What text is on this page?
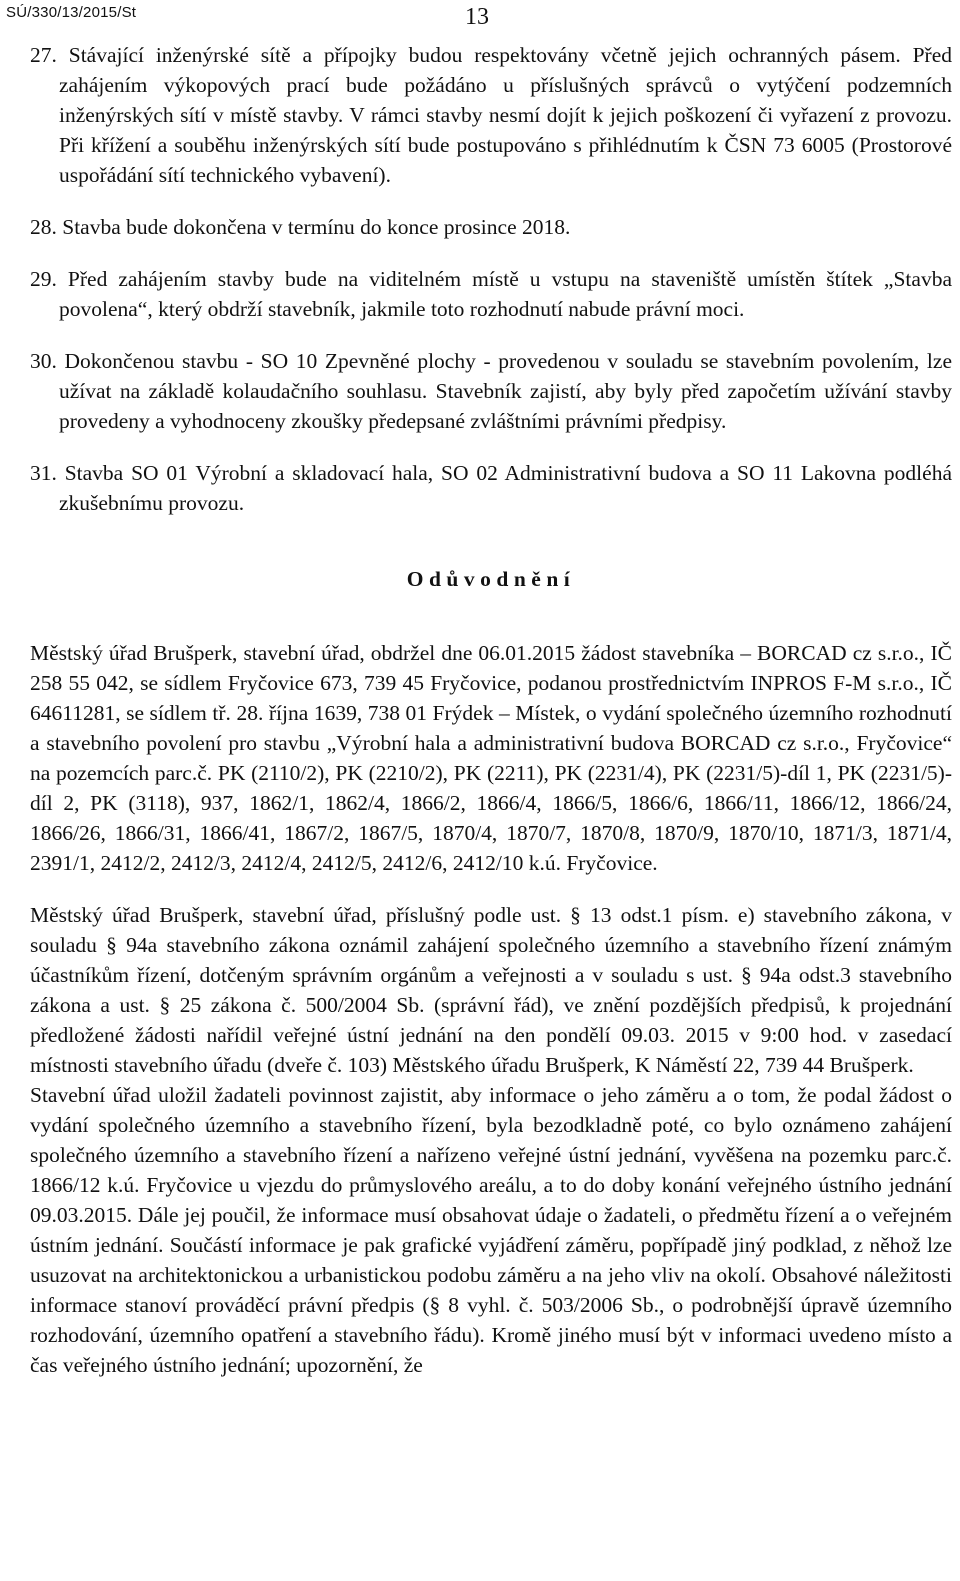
SÚ/330/13/2015/St	13

27. Stávající inženýrské sítě a přípojky budou respektovány včetně jejich ochranných pásem. Před zahájením výkopových prací bude požádáno u příslušných správců o vytýčení podzemních inženýrských sítí v místě stavby. V rámci stavby nesmí dojít k jejich poškození či vyřazení z provozu. Při křížení a souběhu inženýrských sítí bude postupováno s přihlédnutím k ČSN 73 6005 (Prostorové uspořádání sítí technického vybavení).

28. Stavba bude dokončena v termínu do konce prosince 2018.

29. Před zahájením stavby bude na viditelném místě u vstupu na staveniště umístěn štítek „Stavba povolena“, který obdrží stavebník, jakmile toto rozhodnutí nabude právní moci.

30. Dokončenou stavbu - SO 10 Zpevněné plochy - provedenou v souladu se stavebním povolením, lze užívat na základě kolaudačního souhlasu. Stavebník zajistí, aby byly před započetím užívání stavby provedeny a vyhodnoceny zkoušky předepsané zvláštními právními předpisy.

31. Stavba SO 01 Výrobní a skladovací hala, SO 02 Administrativní budova a SO 11 Lakovna podléhá zkušebnímu provozu.

Odůvodnění

Městský úřad Brušperk, stavební úřad, obdržel dne 06.01.2015 žádost stavebníka – BORCAD cz s.r.o., IČ 258 55 042, se sídlem Fryčovice 673, 739 45 Fryčovice, podanou prostřednictvím INPROS F-M s.r.o., IČ 64611281, se sídlem tř. 28. října 1639, 738 01 Frýdek – Místek, o vydání společného územního rozhodnutí a stavebního povolení pro stavbu „Výrobní hala a administrativní budova BORCAD cz s.r.o., Fryčovice“ na pozemcích parc.č. PK (2110/2), PK (2210/2), PK (2211), PK (2231/4), PK (2231/5)-díl 1, PK (2231/5)-díl 2, PK (3118), 937, 1862/1, 1862/4, 1866/2, 1866/4, 1866/5, 1866/6, 1866/11, 1866/12, 1866/24, 1866/26, 1866/31, 1866/41, 1867/2, 1867/5, 1870/4, 1870/7, 1870/8, 1870/9, 1870/10, 1871/3, 1871/4, 2391/1, 2412/2, 2412/3, 2412/4, 2412/5, 2412/6, 2412/10 k.ú. Fryčovice.

Městský úřad Brušperk, stavební úřad, příslušný podle ust. § 13 odst.1 písm. e) stavebního zákona, v souladu § 94a stavebního zákona oznámil zahájení společného územního a stavebního řízení známým účastníkům řízení, dotčeným správním orgánům a veřejnosti a v souladu s ust. § 94a odst.3 stavebního zákona a ust. § 25 zákona č. 500/2004 Sb. (správní řád), ve znění pozdějších předpisů, k projednání předložené žádosti nařídil veřejné ústní jednání na den pondělí 09.03. 2015 v 9:00 hod. v zasedací místnosti stavebního úřadu (dveře č. 103) Městského úřadu Brušperk, K Náměstí 22, 739 44 Brušperk.

Stavební úřad uložil žadateli povinnost zajistit, aby informace o jeho záměru a o tom, že podal žádost o vydání společného územního a stavebního řízení, byla bezodkladně poté, co bylo oznámeno zahájení společného územního a stavebního řízení a nařízeno veřejné ústní jednání, vyvěšena na pozemku parc.č. 1866/12 k.ú. Fryčovice u vjezdu do průmyslového areálu, a to do doby konání veřejného ústního jednání 09.03.2015. Dále jej poučil, že informace musí obsahovat údaje o žadateli, o předmětu řízení a o veřejném ústním jednání. Součástí informace je pak grafické vyjádření záměru, popřípadě jiný podklad, z něhož lze usuzovat na architektonickou a urbanistickou podobu záměru a na jeho vliv na okolí. Obsahové náležitosti informace stanoví prováděcí právní předpis (§ 8 vyhl. č. 503/2006 Sb., o podrobnější úpravě územního rozhodování, územního opatření a stavebního řádu). Kromě jiného musí být v informaci uvedeno místo a čas veřejného ústního jednání; upozornění, že
